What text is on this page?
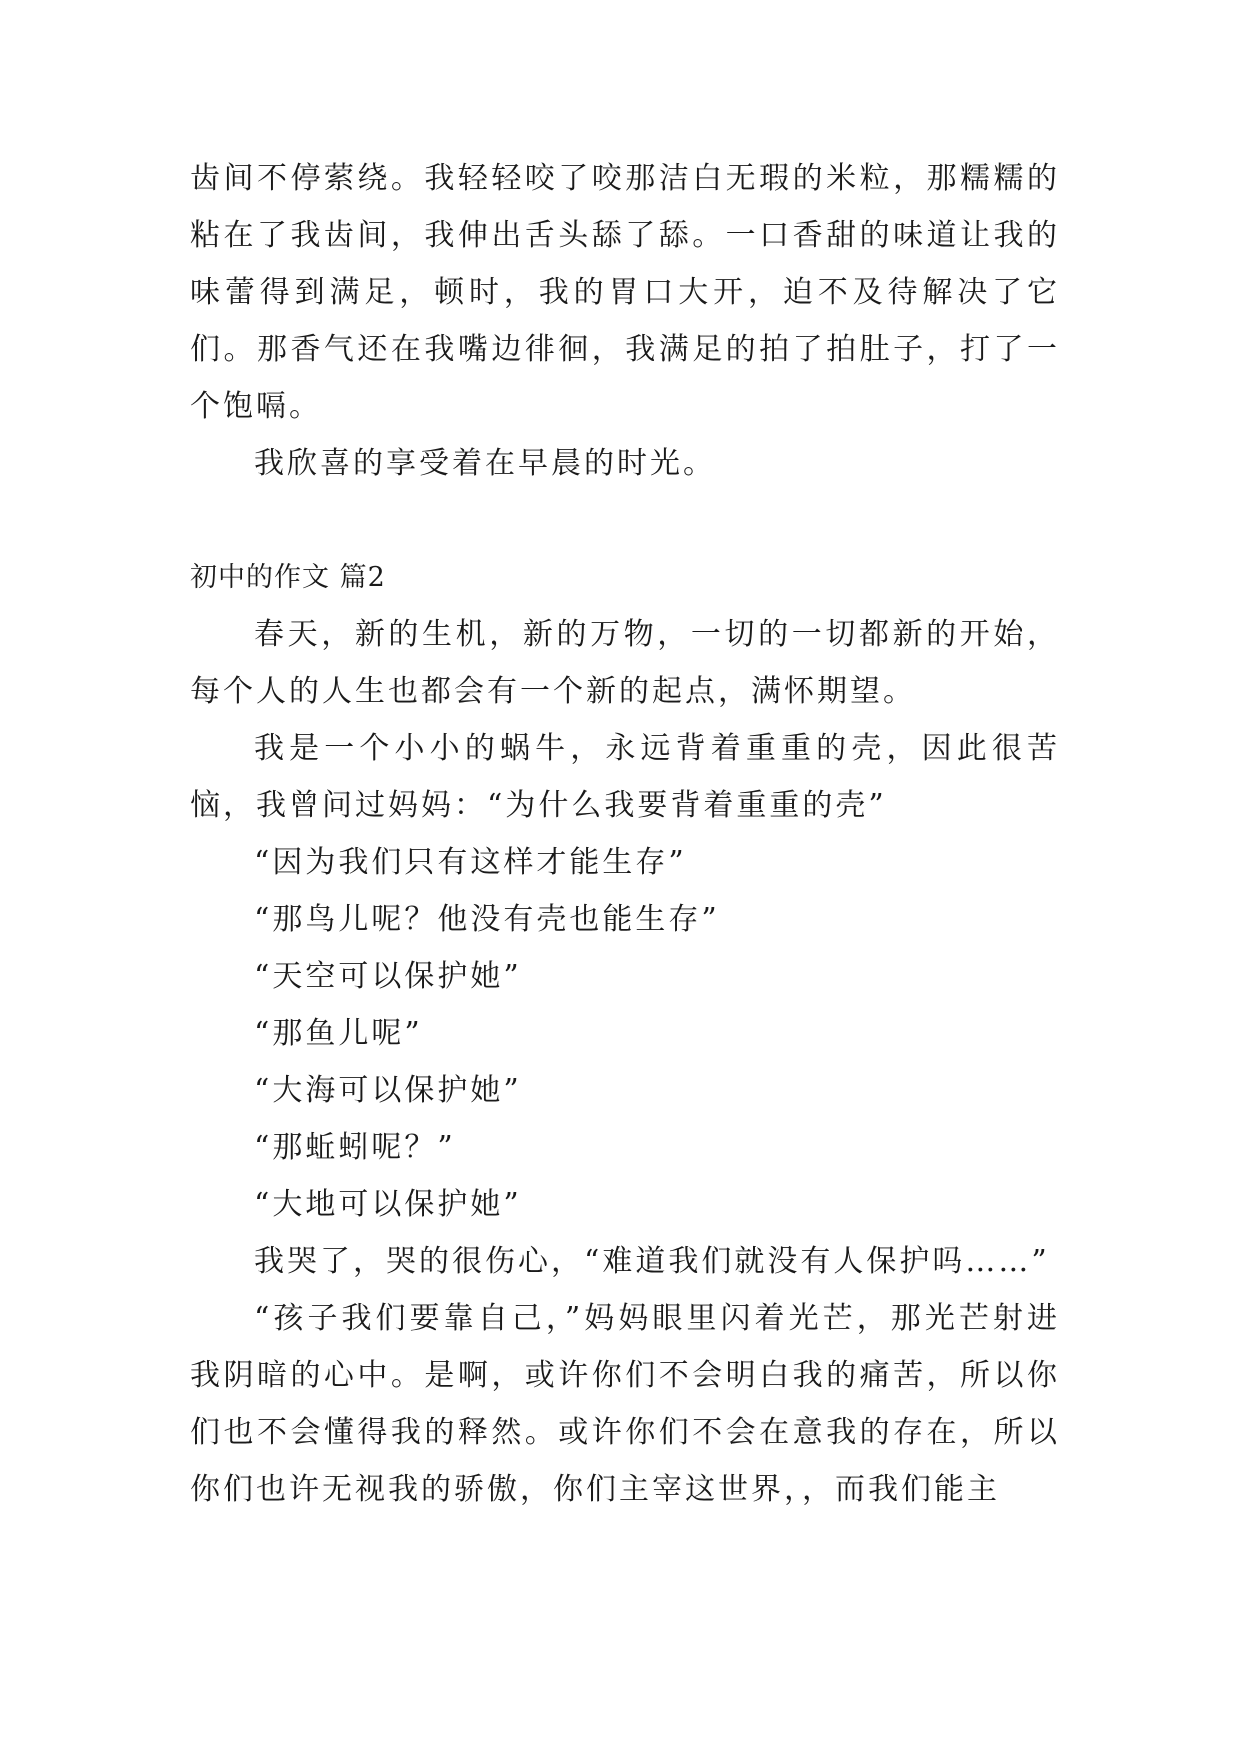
齿间不停萦绕。我轻轻咬了咬那洁白无瑕的米粒，那糯糯的粘在了我齿间，我伸出舌头舔了舔。一口香甜的味道让我的味蕾得到满足，顿时，我的胃口大开，迫不及待解决了它们。那香气还在我嘴边徘徊，我满足的拍了拍肚子，打了一个饱嗝。

我欣喜的享受着在早晨的时光。

初中的作文 篇2

春天，新的生机，新的万物，一切的一切都新的开始，每个人的人生也都会有一个新的起点，满怀期望。

我是一个小小的蜗牛，永远背着重重的壳，因此很苦恼，我曾问过妈妈：“为什么我要背着重重的壳”

“因为我们只有这样才能生存”

“那鸟儿呢？他没有壳也能生存”

“天空可以保护她”

“那鱼儿呢”

“大海可以保护她”

“那蚯蚓呢？”

“大地可以保护她”

我哭了，哭的很伤心，“难道我们就没有人保护吗……”

“孩子我们要靠自己，”妈妈眼里闪着光芒，那光芒射进我阴暗的心中。是啊，或许你们不会明白我的痛苦，所以你们也不会懂得我的释然。或许你们不会在意我的存在，所以你们也许无视我的骄傲，你们主宰这世界，，而我们能主
